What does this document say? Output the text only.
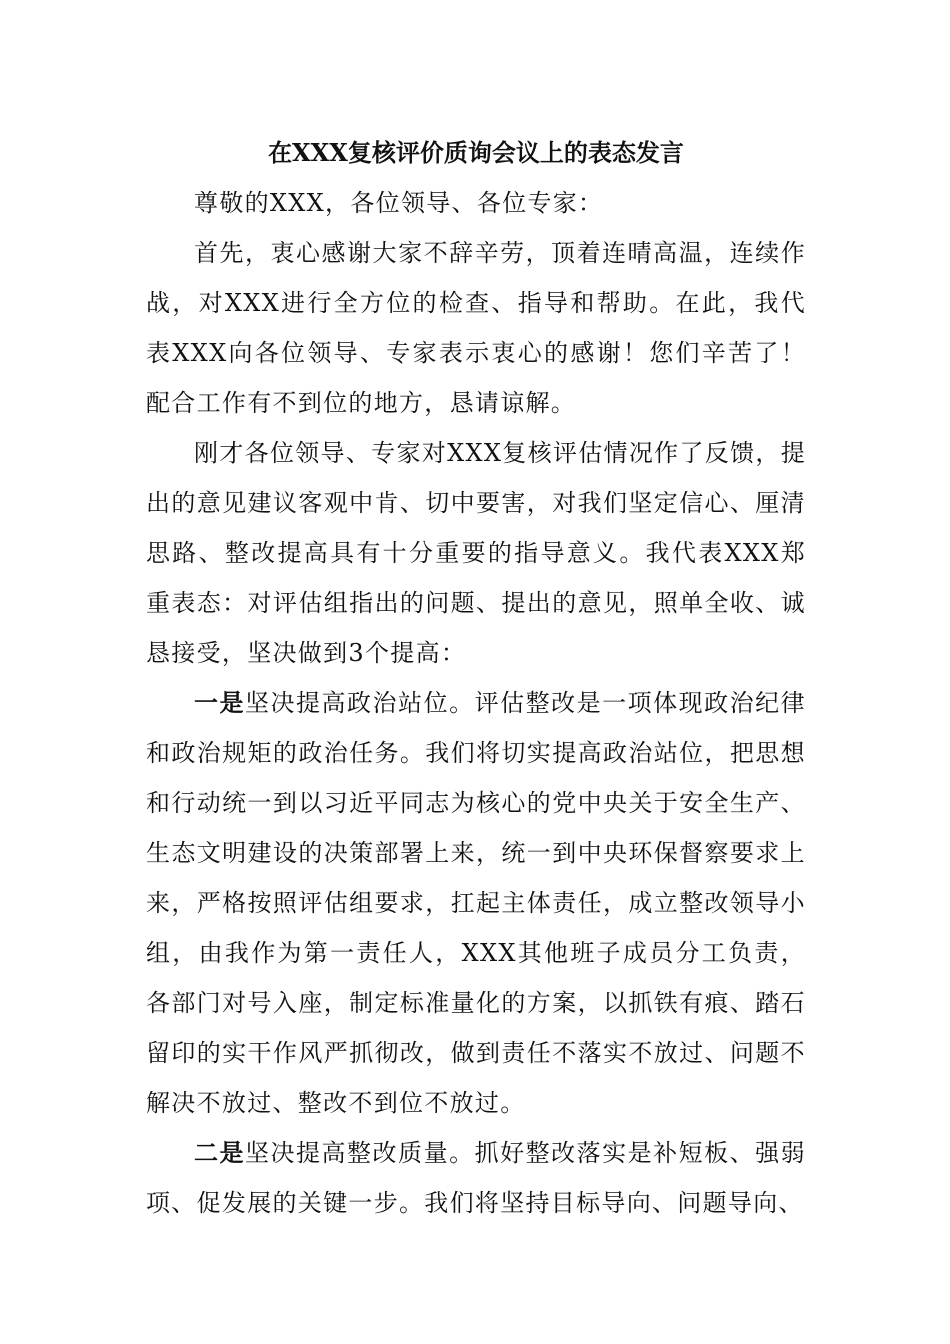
在XXX复核评价质询会议上的表态发言

尊敬的XXX，各位领导、各位专家：

首先，衷心感谢大家不辞辛劳，顶着连晴高温，连续作战，对XXX进行全方位的检查、指导和帮助。在此，我代表XXX向各位领导、专家表示衷心的感谢！您们辛苦了！配合工作有不到位的地方，恳请谅解。

刚才各位领导、专家对XXX复核评估情况作了反馈，提出的意见建议客观中肯、切中要害，对我们坚定信心、厘清思路、整改提高具有十分重要的指导意义。我代表XXX郑重表态：对评估组指出的问题、提出的意见，照单全收、诚恳接受，坚决做到3个提高：

一是坚决提高政治站位。评估整改是一项体现政治纪律和政治规矩的政治任务。我们将切实提高政治站位，把思想和行动统一到以习近平同志为核心的党中央关于安全生产、生态文明建设的决策部署上来，统一到中央环保督察要求上来，严格按照评估组要求，扛起主体责任，成立整改领导小组，由我作为第一责任人，XXX其他班子成员分工负责，各部门对号入座，制定标准量化的方案，以抓铁有痕、踏石留印的实干作风严抓彻改，做到责任不落实不放过、问题不解决不放过、整改不到位不放过。

二是坚决提高整改质量。抓好整改落实是补短板、强弱项、促发展的关键一步。我们将坚持目标导向、问题导向、
